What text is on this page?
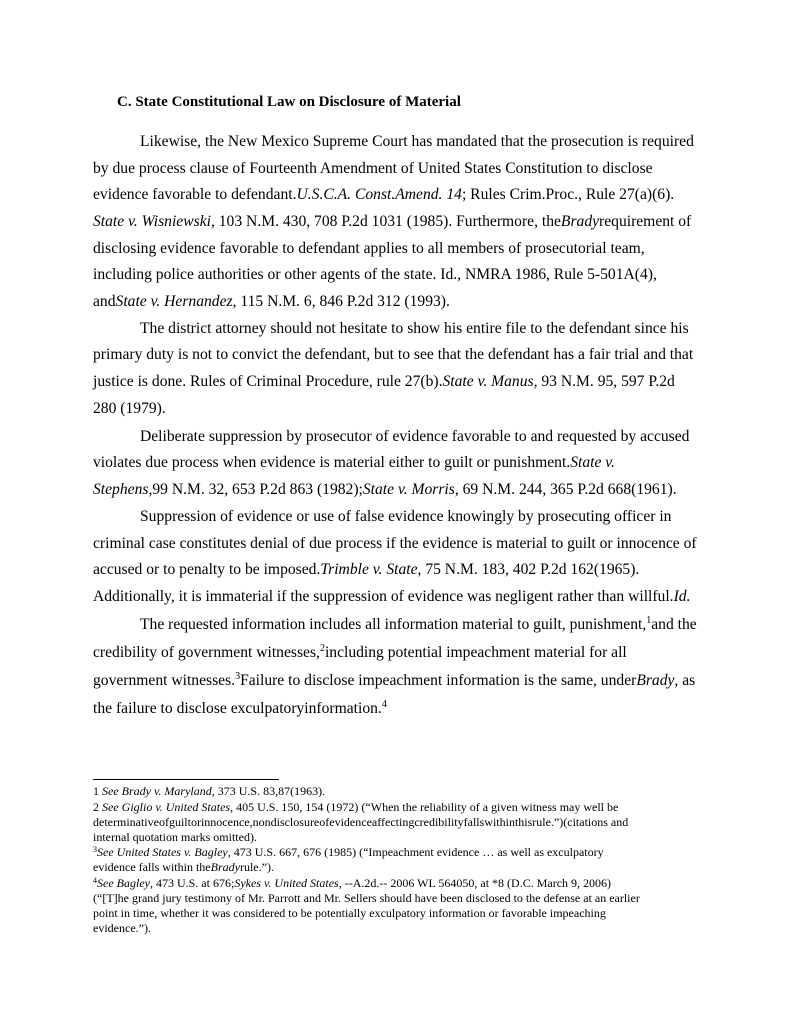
C. State Constitutional Law on Disclosure of Material
Likewise, the New Mexico Supreme Court has mandated that the prosecution is required
by due process clause of Fourteenth Amendment of United States Constitution to disclose
evidence favorable to defendant.U.S.C.A. Const.Amend. 14; Rules Crim.Proc., Rule 27(a)(6).
State v. Wisniewski, 103 N.M. 430, 708 P.2d 1031 (1985). Furthermore, theBradyrequirement of
disclosing evidence favorable to defendant applies to all members of prosecutorial team,
including police authorities or other agents of the state. Id., NMRA 1986, Rule 5-501A(4),
andState v. Hernandez, 115 N.M. 6, 846 P.2d 312 (1993).
The district attorney should not hesitate to show his entire file to the defendant since his
primary duty is not to convict the defendant, but to see that the defendant has a fair trial and that
justice is done. Rules of Criminal Procedure, rule 27(b).State v. Manus, 93 N.M. 95, 597 P.2d
280 (1979).
Deliberate suppression by prosecutor of evidence favorable to and requested by accused
violates due process when evidence is material either to guilt or punishment.State v.
Stephens,99 N.M. 32, 653 P.2d 863 (1982);State v. Morris, 69 N.M. 244, 365 P.2d 668(1961).
Suppression of evidence or use of false evidence knowingly by prosecuting officer in
criminal case constitutes denial of due process if the evidence is material to guilt or innocence of
accused or to penalty to be imposed.Trimble v. State, 75 N.M. 183, 402 P.2d 162(1965).
Additionally, it is immaterial if the suppression of evidence was negligent rather than willful.Id.
The requested information includes all information material to guilt, punishment,$^1$and the
credibility of government witnesses,$^2$including potential impeachment material for all
government witnesses.$^3$Failure to disclose impeachment information is the same, underBrady, as
the failure to disclose exculpatoryinformation.$^4$
1 See Brady v. Maryland, 373 U.S. 83,87(1963).
2 See Giglio v. United States, 405 U.S. 150, 154 (1972) (“When the reliability of a given witness may well be
determinativeofguiltorinnocence,nondisclosureofevidenceaffectingcredibilityfallswithinthisrule.”)(citations and
internal quotation marks omitted).
$^3$See United States v. Bagley, 473 U.S. 667, 676 (1985) (“Impeachment evidence … as well as exculpatory
evidence falls within theBradyrule.”).
$^4$See Bagley, 473 U.S. at 676;Sykes v. United States, --A.2d.-- 2006 WL 564050, at *8 (D.C. March 9, 2006)
(“[T]he grand jury testimony of Mr. Parrott and Mr. Sellers should have been disclosed to the defense at an earlier
point in time, whether it was considered to be potentially exculpatory information or favorable impeaching
evidence.”).
